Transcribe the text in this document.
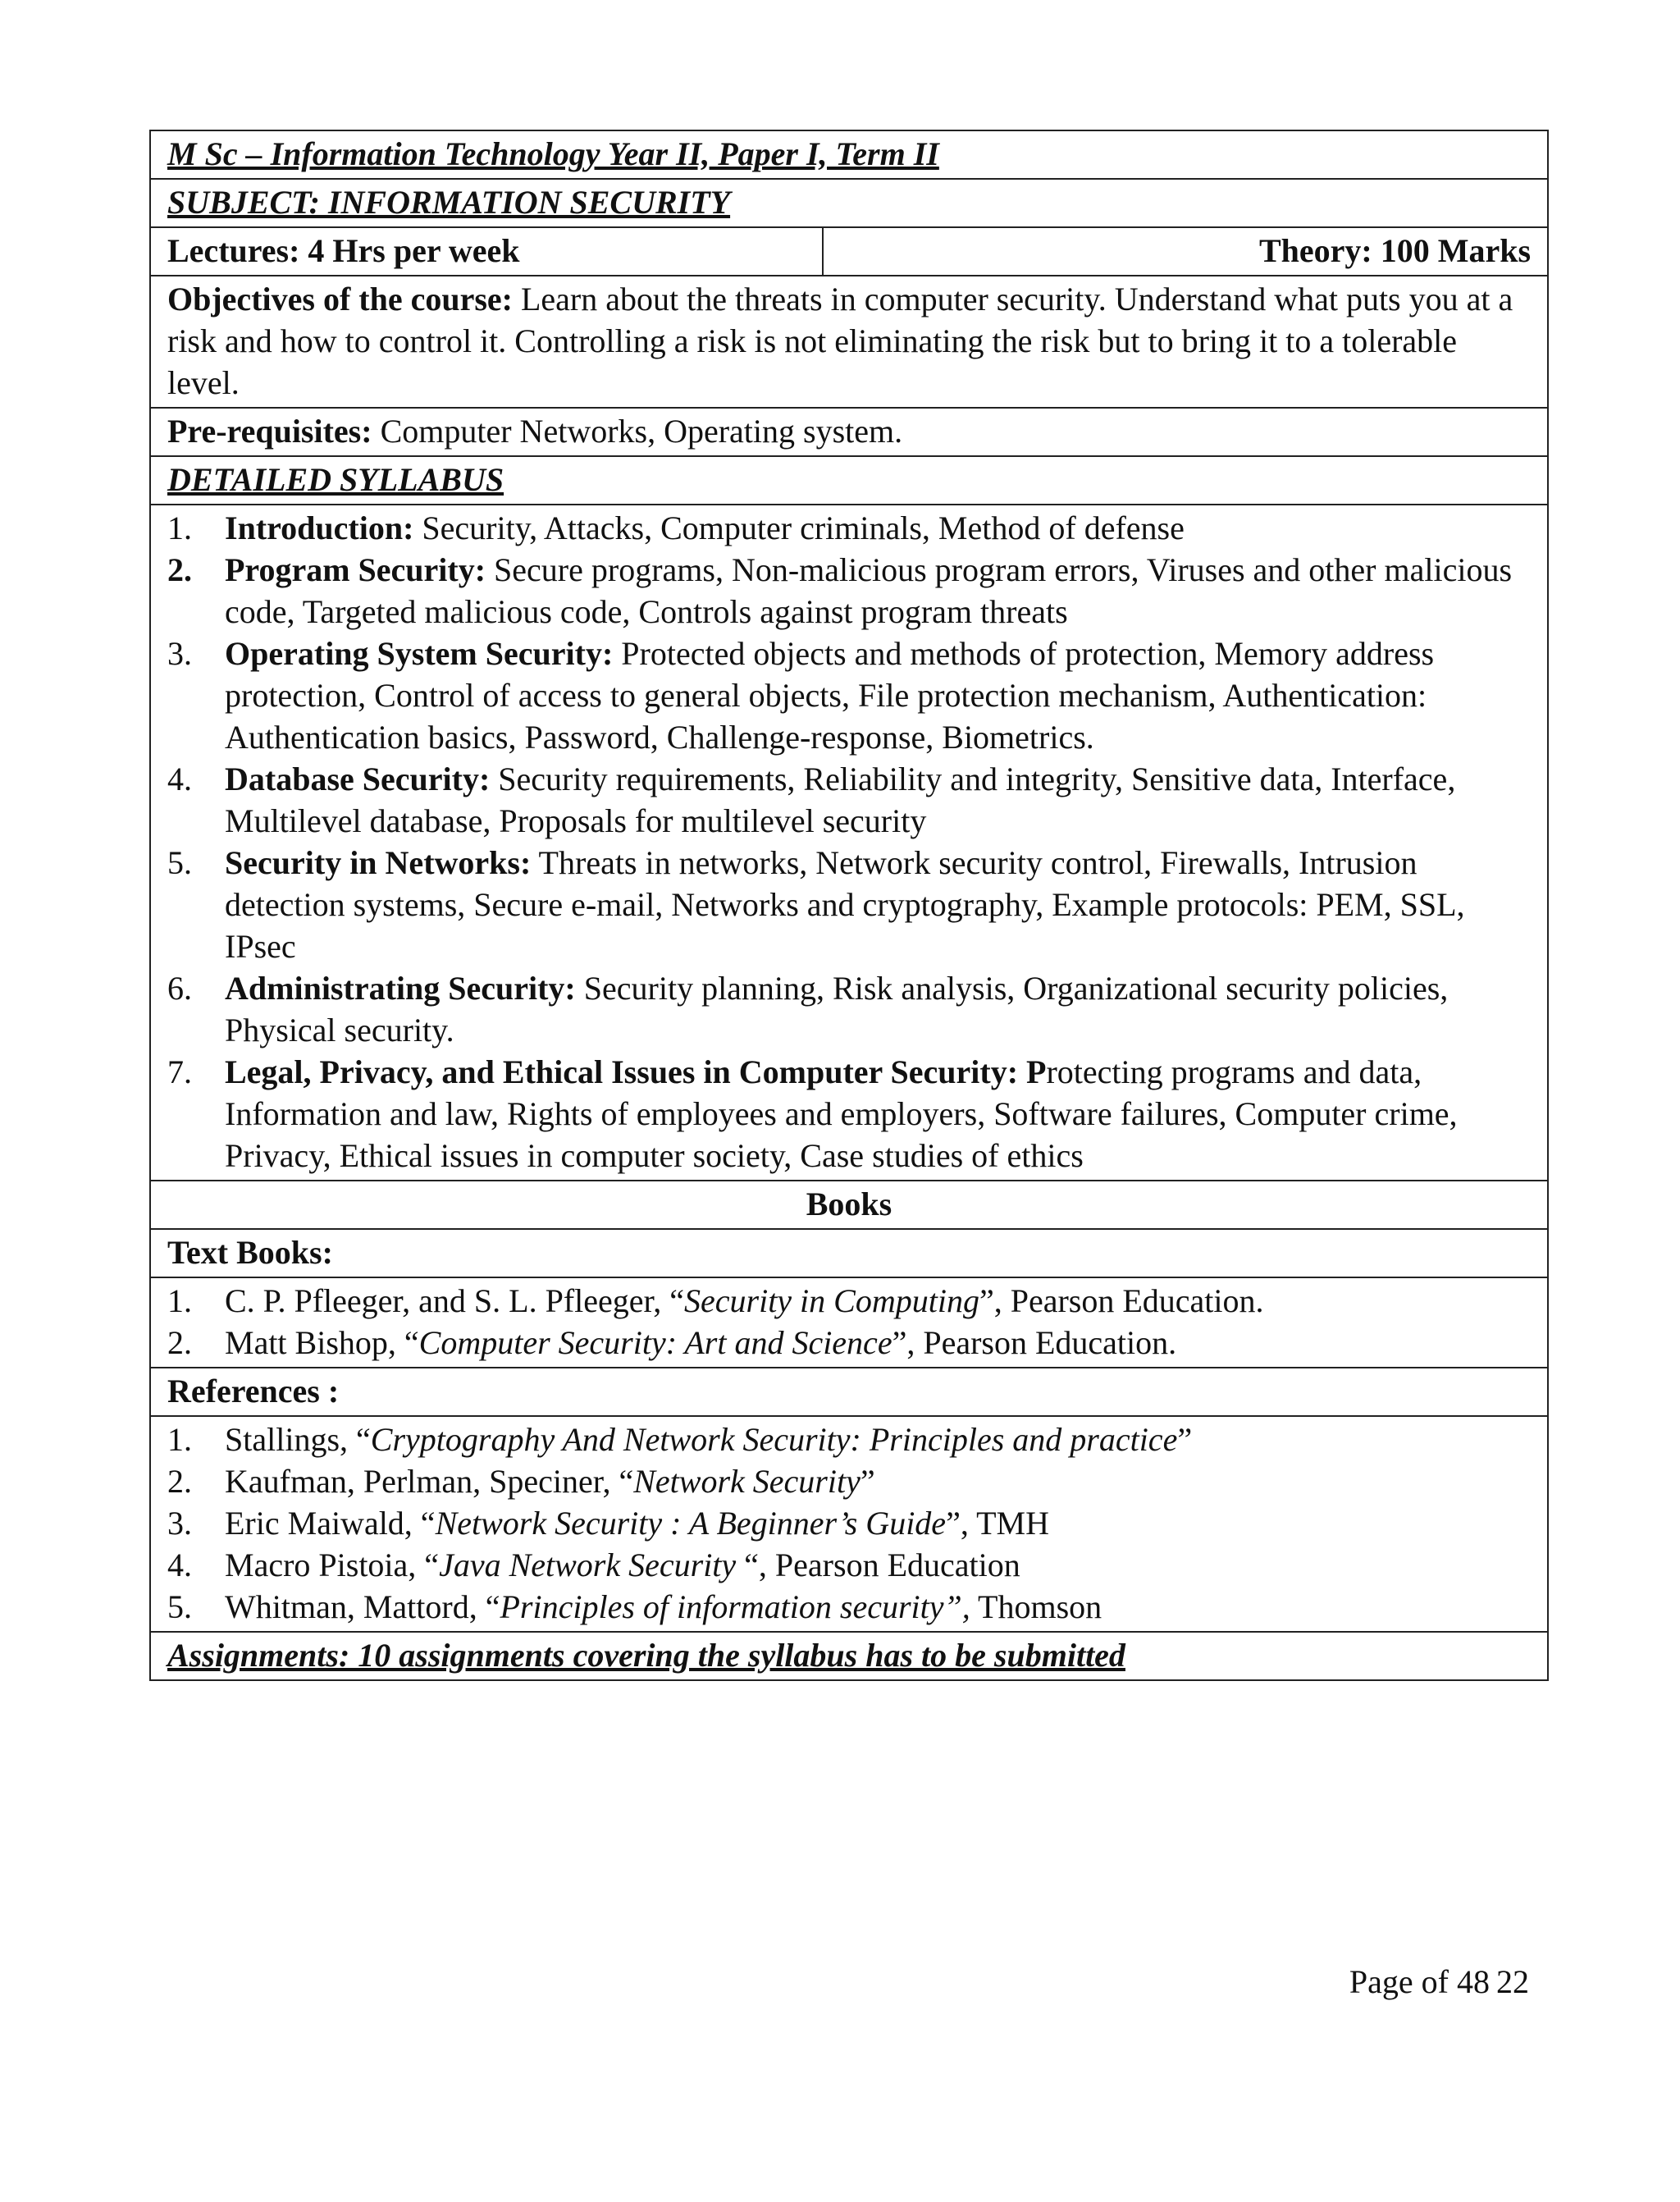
M Sc – Information Technology Year II, Paper I, Term II
SUBJECT: INFORMATION SECURITY
Lectures: 4 Hrs per week	Theory: 100 Marks
Objectives of the course: Learn about the threats in computer security. Understand what puts you at a risk and how to control it. Controlling a risk is not eliminating the risk but to bring it to a tolerable level.
Pre-requisites: Computer Networks, Operating system.
DETAILED SYLLABUS

1. Introduction: Security, Attacks, Computer criminals, Method of defense
2. Program Security: Secure programs, Non-malicious program errors, Viruses and other malicious code, Targeted malicious code, Controls against program threats
3. Operating System Security: Protected objects and methods of protection, Memory address protection, Control of access to general objects, File protection mechanism, Authentication: Authentication basics, Password, Challenge-response, Biometrics.
4. Database Security: Security requirements, Reliability and integrity, Sensitive data, Interface, Multilevel database, Proposals for multilevel security
5. Security in Networks: Threats in networks, Network security control, Firewalls, Intrusion detection systems, Secure e-mail, Networks and cryptography, Example protocols: PEM, SSL, IPsec
6. Administrating Security: Security planning, Risk analysis, Organizational security policies, Physical security.
7. Legal, Privacy, and Ethical Issues in Computer Security: Protecting programs and data, Information and law, Rights of employees and employers, Software failures, Computer crime, Privacy, Ethical issues in computer society, Case studies of ethics

Books
Text Books:

1. C. P. Pfleeger, and S. L. Pfleeger, “Security in Computing”, Pearson Education.
2. Matt Bishop, “Computer Security: Art and Science”, Pearson Education.

References :

1. Stallings, “Cryptography And Network Security: Principles and practice”
2. Kaufman, Perlman, Speciner, “Network Security”
3. Eric Maiwald, “Network Security : A Beginner’s Guide”, TMH
4. Macro Pistoia, “Java Network Security “, Pearson Education
5. Whitman, Mattord, “Principles of information security”, Thomson

Assignments: 10 assignments covering the syllabus has to be submitted
Page of 48 22
